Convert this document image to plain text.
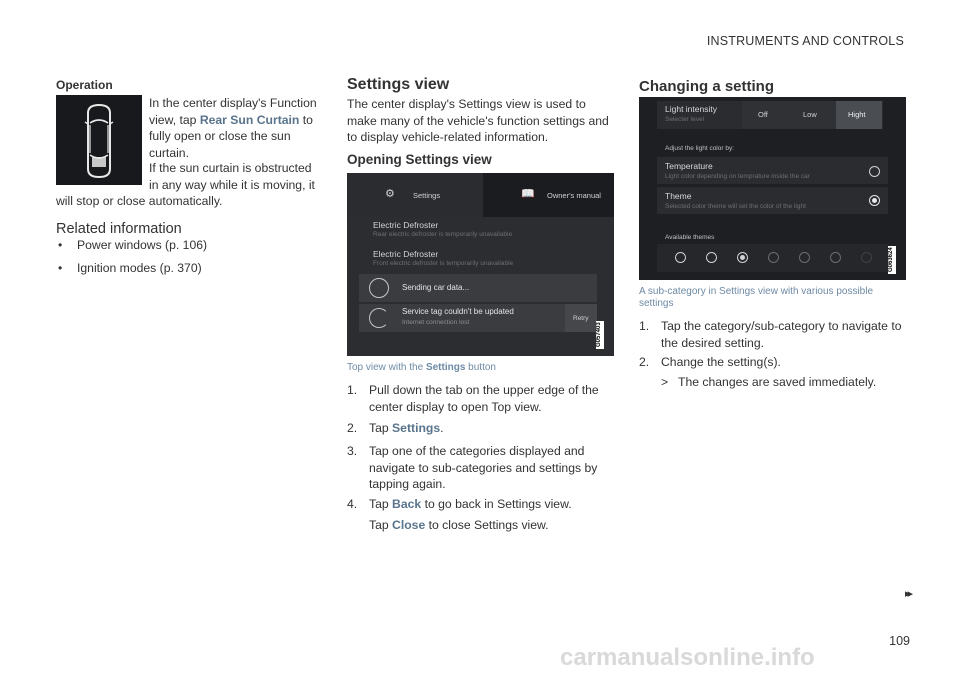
INSTRUMENTS AND CONTROLS
Operation
In the center display's Function view, tap Rear Sun Curtain to fully open or close the sun curtain.
If the sun curtain is obstructed in any way while it is moving, it will stop or close automatically.
Related information
• Power windows (p. 106)
• Ignition modes (p. 370)
Settings view
The center display's Settings view is used to make many of the vehicle's function settings and to display vehicle-related information.
Opening Settings view
⚙ Settings	📖 Owner's manual
Electric Defroster
Rear electric defroster is temporarily unavailable
Electric Defroster
Front electric defroster is temporarily unavailable
Sending car data...
Service tag couldn't be updated
Internet connection lost
Retry
G057403
Top view with the Settings button
1. Pull down the tab on the upper edge of the center display to open Top view.
2. Tap Settings.
3. Tap one of the categories displayed and navigate to sub-categories and settings by tapping again.
4. Tap Back to go back in Settings view.
Tap Close to close Settings view.
Changing a setting
Light intensity
Selecter level
Off	Low	Hight
Adjust the light color by:
Temperature
Light color depending on temprature inside the car
Theme
Selected color theme will set the color of the light
Available themes
G063624
A sub-category in Settings view with various possible settings
1. Tap the category/sub-category to navigate to the desired setting.
2. Change the setting(s).
> The changes are saved immediately.
▸▸
109
carmanualsonline.info
